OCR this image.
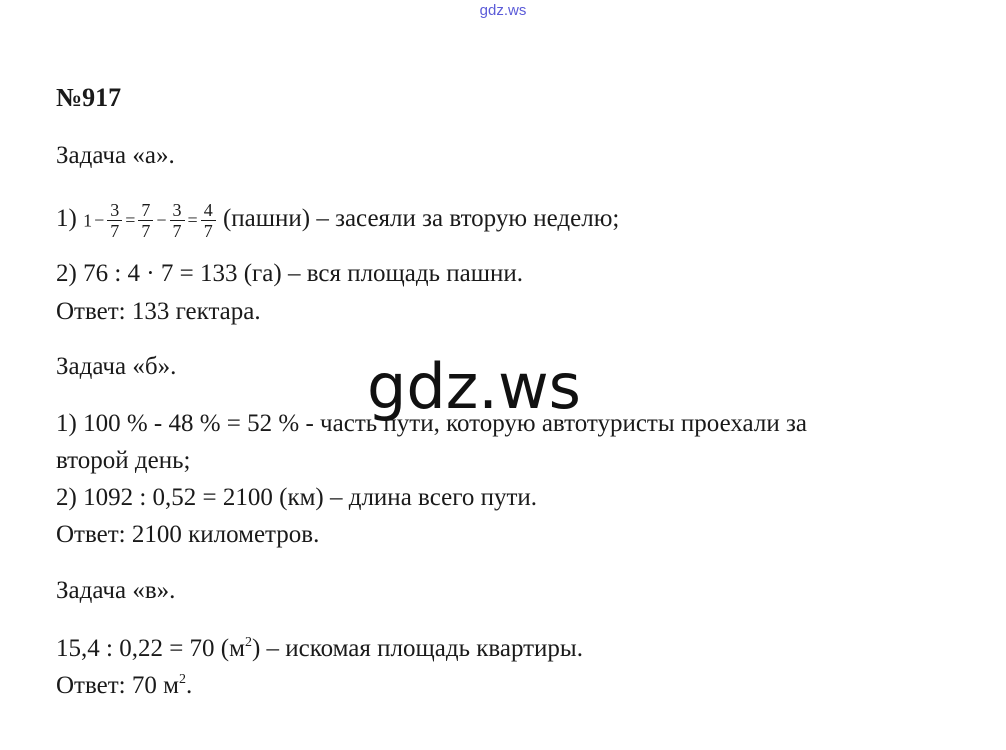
gdz.ws
№917
Задача «а».
1) $1 - \frac{3}{7} = \frac{7}{7} - \frac{3}{7} = \frac{4}{7}$ (пашни) – засеяли за вторую неделю;
2) 76 : 4 · 7 = 133 (га) – вся площадь пашни.
Ответ: 133 гектара.
Задача «б».
1) 100 % - 48 % = 52 % - часть пути, которую автотуристы проехали за
второй день;
2) 1092 : 0,52 = 2100 (км) – длина всего пути.
Ответ: 2100 километров.
Задача «в».
15,4 : 0,22 = 70 $(м^2)$ – искомая площадь квартиры.
Ответ: 70 $м^2$.
gdz.ws
